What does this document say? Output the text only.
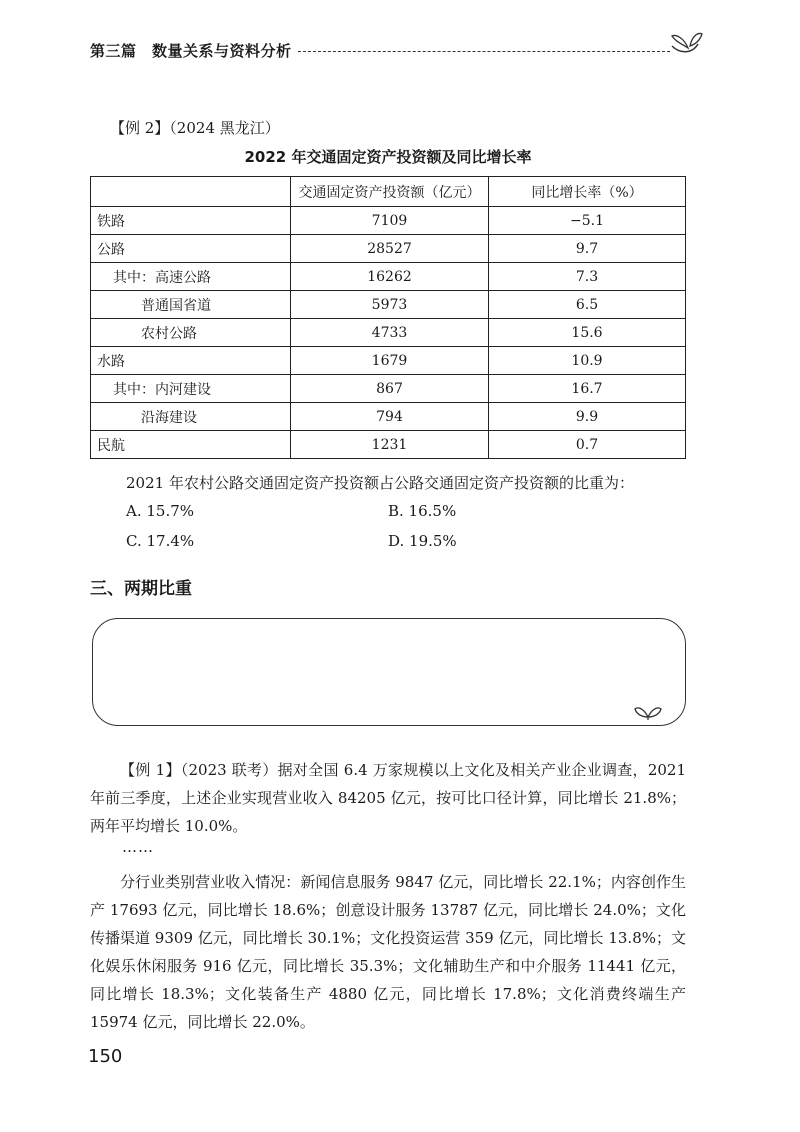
第三篇　数量关系与资料分析
【例 2】（2024 黑龙江）
2022 年交通固定资产投资额及同比增长率
	交通固定资产投资额（亿元）	同比增长率（%）
铁路	7109	−5.1
公路	28527	9.7
其中：高速公路	16262	7.3
普通国省道	5973	6.5
农村公路	4733	15.6
水路	1679	10.9
其中：内河建设	867	16.7
沿海建设	794	9.9
民航	1231	0.7
2021 年农村公路交通固定资产投资额占公路交通固定资产投资额的比重为：
A. 15.7%	B. 16.5%
C. 17.4%	D. 19.5%
三、两期比重

【例 1】（2023 联考）据对全国 6.4 万家规模以上文化及相关产业企业调查，2021 年前三季度，上述企业实现营业收入 84205 亿元，按可比口径计算，同比增长 21.8%；两年平均增长 10.0%。

……

分行业类别营业收入情况：新闻信息服务 9847 亿元，同比增长 22.1%；内容创作生产 17693 亿元，同比增长 18.6%；创意设计服务 13787 亿元，同比增长 24.0%；文化传播渠道 9309 亿元，同比增长 30.1%；文化投资运营 359 亿元，同比增长 13.8%；文化娱乐休闲服务 916 亿元，同比增长 35.3%；文化辅助生产和中介服务 11441 亿元，同比增长 18.3%；文化装备生产 4880 亿元，同比增长 17.8%；文化消费终端生产 15974 亿元，同比增长 22.0%。

150
